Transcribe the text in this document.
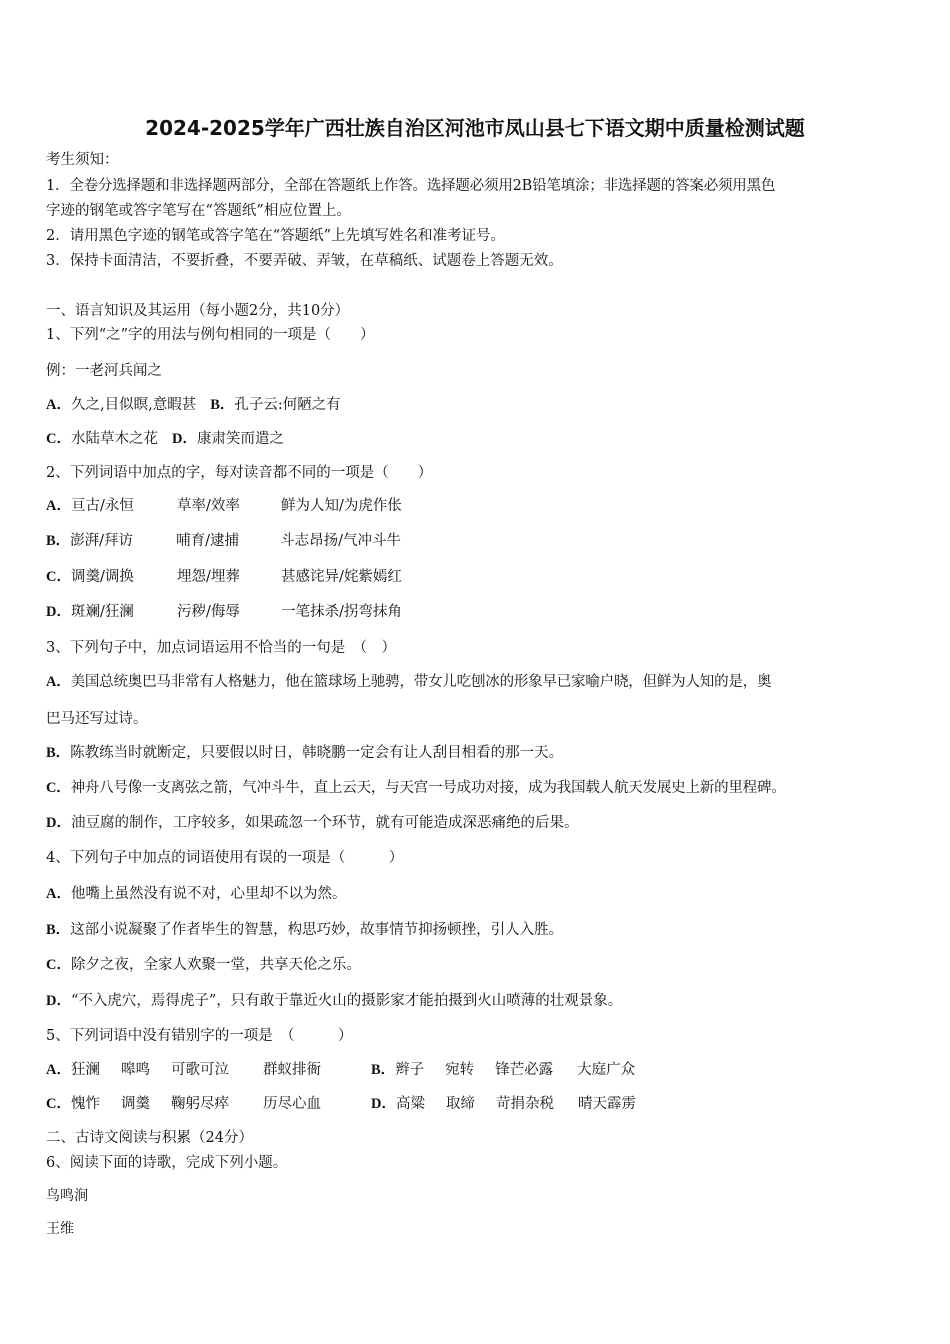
2024-2025学年广西壮族自治区河池市凤山县七下语文期中质量检测试题
考生须知：
1．全卷分选择题和非选择题两部分，全部在答题纸上作答。选择题必须用2B铅笔填涂；非选择题的答案必须用黑色
字迹的钢笔或答字笔写在“答题纸”相应位置上。
2．请用黑色字迹的钢笔或答字笔在“答题纸”上先填写姓名和准考证号。
3．保持卡面清洁，不要折叠，不要弄破、弄皱，在草稿纸、试题卷上答题无效。
一、语言知识及其运用（每小题2分，共10分）
1、下列“之”字的用法与例句相同的一项是（　　）
例：一老河兵闻之
A．久之,目似瞑,意暇甚 B．孔子云:何陋之有
C．水陆草木之花 D．康肃笑而遣之
2、下列词语中加点的字，每对读音都不同的一项是（　　）
A．亘古/永恒	草率/效率	鲜为人知/为虎作伥
B．澎湃/拜访	哺育/逮捕	斗志昂扬/气冲斗牛
C．调羹/调换	埋怨/埋葬	甚感诧异/姹紫嫣红
D．斑斓/狂澜	污秽/侮辱	一笔抹杀/拐弯抹角
3、下列句子中，加点词语运用不恰当的一句是　（　）
A．美国总统奥巴马非常有人格魅力，他在篮球场上驰骋，带女儿吃刨冰的形象早已家喻户晓，但鲜为人知的是，奥
巴马还写过诗。
B．陈教练当时就断定，只要假以时日，韩晓鹏一定会有让人刮目相看的那一天。
C．神舟八号像一支离弦之箭，气冲斗牛，直上云天，与天宫一号成功对接，成为我国载人航天发展史上新的里程碑。
D．油豆腐的制作，工序较多，如果疏忽一个环节，就有可能造成深恶痛绝的后果。
4、下列句子中加点的词语使用有误的一项是（　　　）
A．他嘴上虽然没有说不对，心里却不以为然。
B．这部小说凝聚了作者毕生的智慧，构思巧妙，故事情节抑扬顿挫，引人入胜。
C．除夕之夜，全家人欢聚一堂，共享天伦之乐。
D．“不入虎穴，焉得虎子”，只有敢于靠近火山的摄影家才能拍摄到火山喷薄的壮观景象。
5、下列词语中没有错别字的一项是　（　　　）
A．狂澜 嗥鸣 可歌可泣 群蚁排衙	B．辫子 宛转 锋芒必露 大庭广众
C．愧怍 调羹 鞠躬尽瘁 历尽心血	D．高粱 取缔 苛捐杂税 晴天霹雳
二、古诗文阅读与积累（24分）
6、阅读下面的诗歌，完成下列小题。
鸟鸣涧
王维
